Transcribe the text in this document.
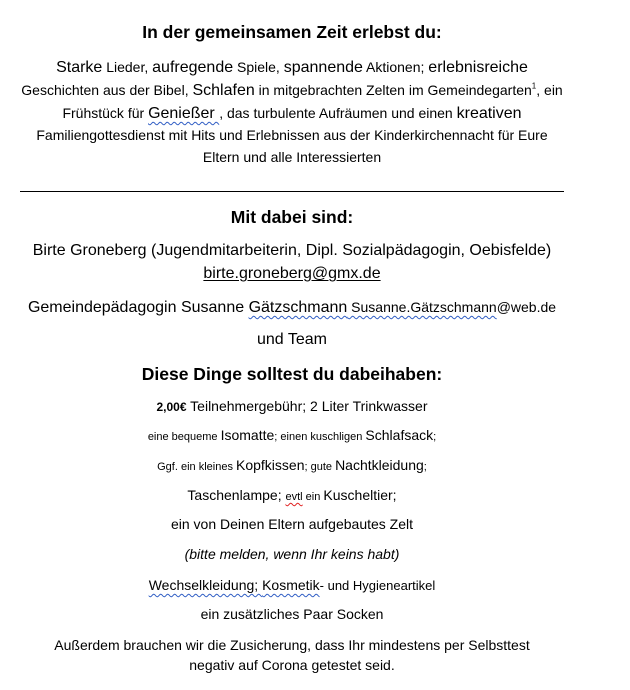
In der gemeinsamen Zeit erlebst du:
Starke Lieder, aufregende Spiele, spannende Aktionen; erlebnisreiche
Geschichten aus der Bibel, Schlafen in mitgebrachten Zelten im Gemeindegarten$^1$, ein
Frühstück für Genießer , das turbulente Aufräumen und einen kreativen
Familiengottesdienst mit Hits und Erlebnissen aus der Kinderkirchennacht für Eure
Eltern und alle Interessierten
Mit dabei sind:
Birte Groneberg (Jugendmitarbeiterin, Dipl. Sozialpädagogin, Oebisfelde)
birte.groneberg@gmx.de
Gemeindepädagogin Susanne Gätzschmann Susanne.Gätzschmann@web.de
und Team
Diese Dinge solltest du dabeihaben:
2,00€ Teilnehmergebühr; 2 Liter Trinkwasser
eine bequeme Isomatte; einen kuschligen Schlafsack;
Ggf. ein kleines Kopfkissen; gute Nachtkleidung;
Taschenlampe; evtl ein Kuscheltier;
ein von Deinen Eltern aufgebautes Zelt
(bitte melden, wenn Ihr keins habt)
Wechselkleidung; Kosmetik- und Hygieneartikel
ein zusätzliches Paar Socken
Außerdem brauchen wir die Zusicherung, dass Ihr mindestens per Selbsttest
negativ auf Corona getestet seid.
